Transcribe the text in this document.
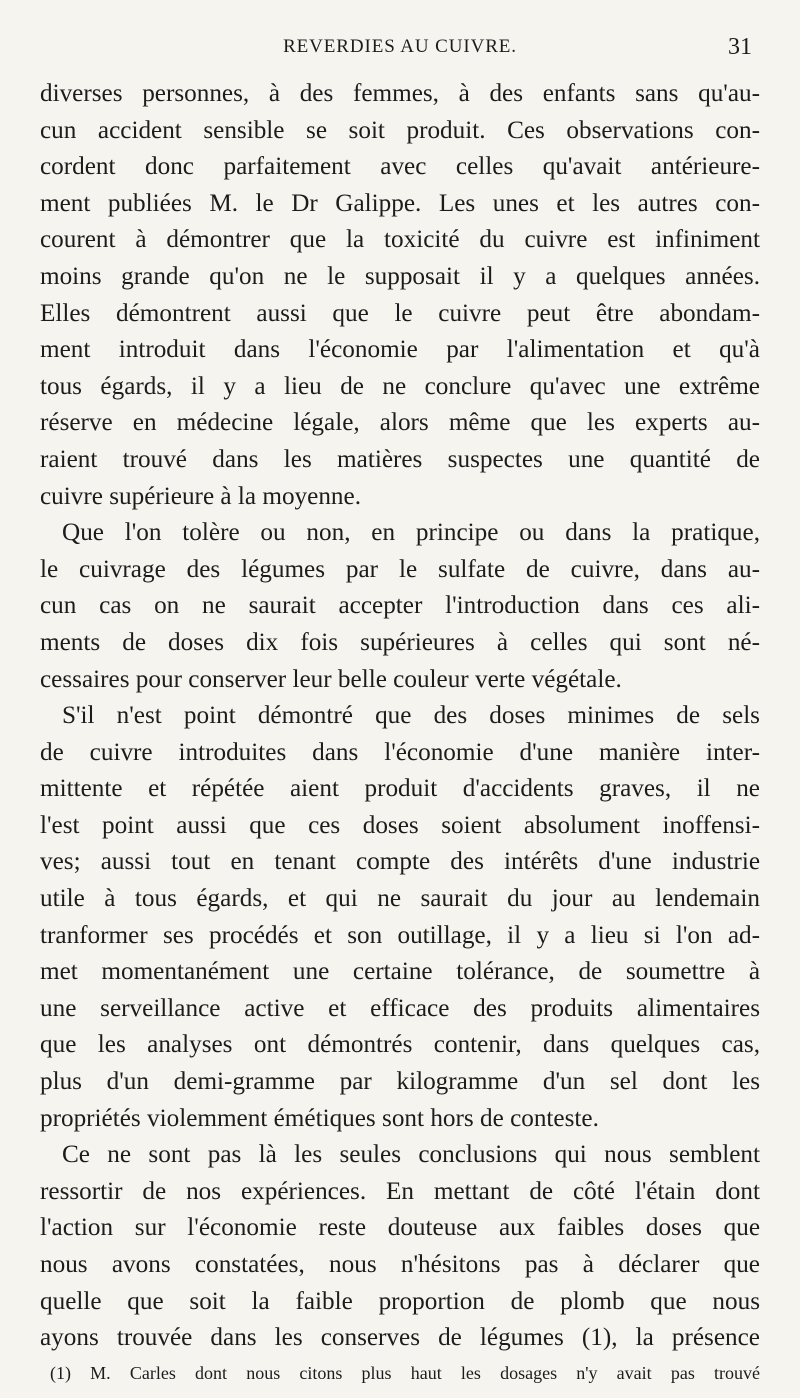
REVERDIES AU CUIVRE.	31
diverses personnes, à des femmes, à des enfants sans qu'au-
cun accident sensible se soit produit. Ces observations con-
cordent donc parfaitement avec celles qu'avait antérieure-
ment publiées M. le Dr Galippe. Les unes et les autres con-
courent à démontrer que la toxicité du cuivre est infiniment
moins grande qu'on ne le supposait il y a quelques années.
Elles démontrent aussi que le cuivre peut être abondam-
ment introduit dans l'économie par l'alimentation et qu'à
tous égards, il y a lieu de ne conclure qu'avec une extrême
réserve en médecine légale, alors même que les experts au-
raient trouvé dans les matières suspectes une quantité de
cuivre supérieure à la moyenne.
Que l'on tolère ou non, en principe ou dans la pratique,
le cuivrage des légumes par le sulfate de cuivre, dans au-
cun cas on ne saurait accepter l'introduction dans ces ali-
ments de doses dix fois supérieures à celles qui sont né-
cessaires pour conserver leur belle couleur verte végétale.
S'il n'est point démontré que des doses minimes de sels
de cuivre introduites dans l'économie d'une manière inter-
mittente et répétée aient produit d'accidents graves, il ne
l'est point aussi que ces doses soient absolument inoffensi-
ves; aussi tout en tenant compte des intérêts d'une industrie
utile à tous égards, et qui ne saurait du jour au lendemain
tranformer ses procédés et son outillage, il y a lieu si l'on ad-
met momentanément une certaine tolérance, de soumettre à
une serveillance active et efficace des produits alimentaires
que les analyses ont démontrés contenir, dans quelques cas,
plus d'un demi-gramme par kilogramme d'un sel dont les
propriétés violemment émétiques sont hors de conteste.
Ce ne sont pas là les seules conclusions qui nous semblent
ressortir de nos expériences. En mettant de côté l'étain dont
l'action sur l'économie reste douteuse aux faibles doses que
nous avons constatées, nous n'hésitons pas à déclarer que
quelle que soit la faible proportion de plomb que nous
ayons trouvée dans les conserves de légumes (1), la présence
(1) M. Carles dont nous citons plus haut les dosages n'y avait pas trouvé
